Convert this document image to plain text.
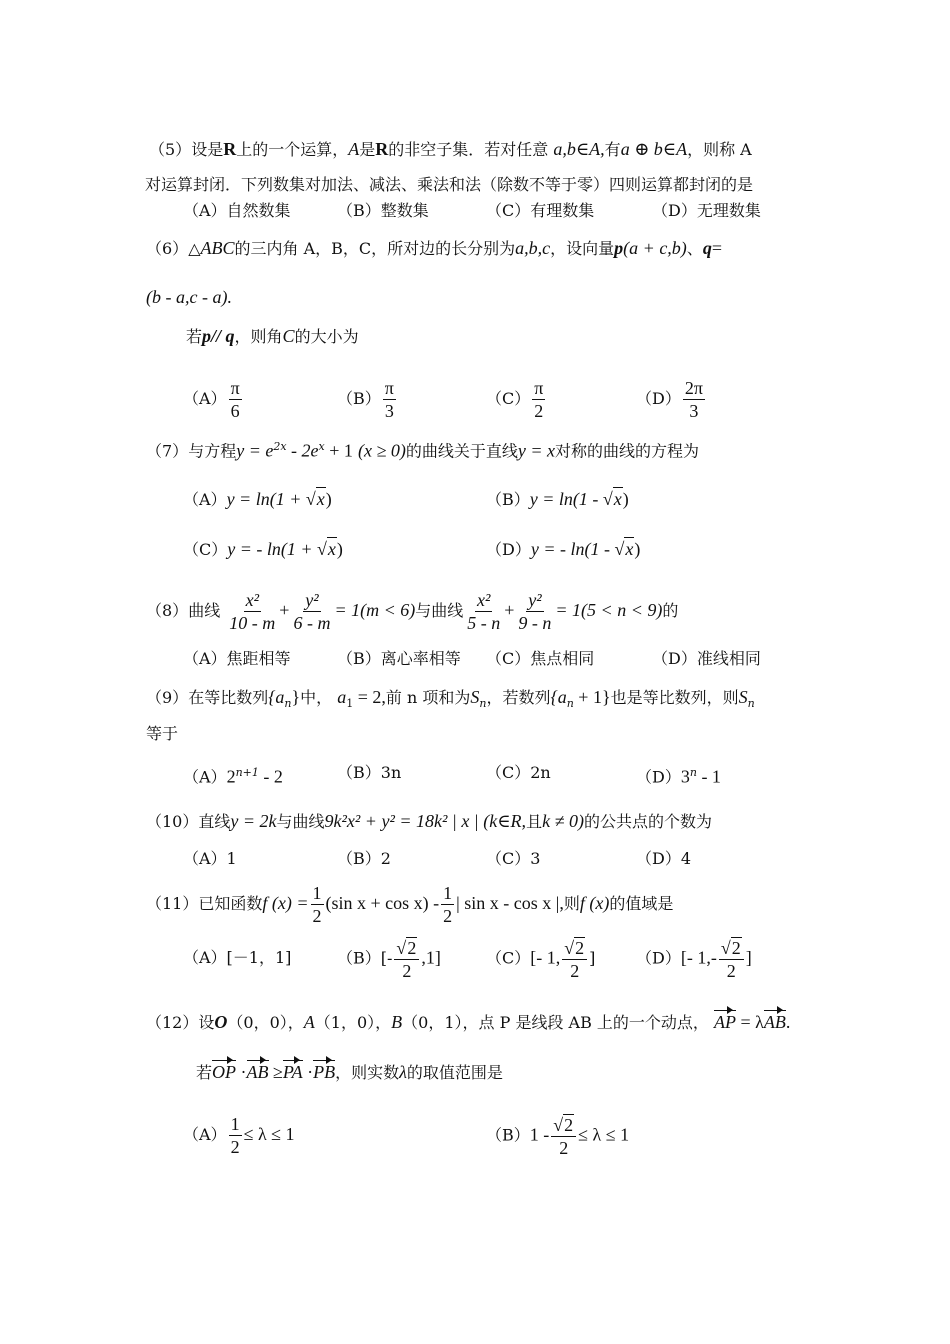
（5）设是R上的一个运算，A是R的非空子集．若对任意 a,b∈A,有a ⊕ b∈A，则称 A
对运算封闭．下列数集对加法、减法、乘法和法（除数不等于零）四则运算都封闭的是
（A）自然数集	（B）整数集	（C）有理数集	（D）无理数集
（6）△ABC的三内角 A，B，C，所对边的长分别为a,b,c，设向量p(a + c,b)、q=
(b - a,c - a).
若p// q，则角C的大小为
$(A) \frac{\pi}{6}$	$(B) \frac{\pi}{3}$	$(C) \frac{\pi}{2}$	$(D) \frac{2\pi}{3}$
（7）与方程$y = e^{2x} - 2e^x + 1$ (x ≥ 0)的曲线关于直线y = x对称的曲线的方程为
（A）y = ln(1 + √x)	（B）y = ln(1 - √x)
（C）y = - ln(1 + √x)	（D）y = - ln(1 - √x)
（8）曲线 $\frac{\text{x²}}{10 - m} + \frac{\text{y²}}{6 - m} = 1(m < 6)$与曲线 $\frac{\text{x²}}{5 - n} + \frac{\text{y²}}{9 - n} = 1(5 < n < 9)$的
（A）焦距相等	（B）离心率相等 （C）焦点相同	（D）准线相同
（9）在等比数列$\{a_n\}$中， $a_1 = 2$,前 n 项和为$S_n$，若数列$\{a_n + 1\}$也是等比数列，则$S_n$
等于
$(A)2^{n+1} - 2$	（B）3n	（C）2n	（D）3$^n$ - 1
（10）直线y = 2k与曲线9k²x² + y² = 18k² | x | (k∈R,且k ≠ 0)的公共点的个数为
（A）1	（B）2	（C）3	（D）4
（11）已知函数f $(x) = \frac{1}{2} (\sin$ $x + \cos x) - \frac{1}{2}$ | sin x - cos x |,则f (x)的值域是
（A）[－1，1]	$(B)[- \frac{√2}{2} ,1]$	（C）[- 1, $\frac{√2}{2}$ ]	（D）[- $1,- \frac{√2}{2}$ ]
（12）设O（0，0），A（1，0），B（0，1），点 P 是线段 AB 上的一个动点， AP = λAB.
若OP ·AB ≥PA ·PB，则实数λ的取值范围是
$(A) \frac{1}{2} \le \lambda \le 1$	$(B)1 - \frac{√2}{2} \le \lambda \le 1$
